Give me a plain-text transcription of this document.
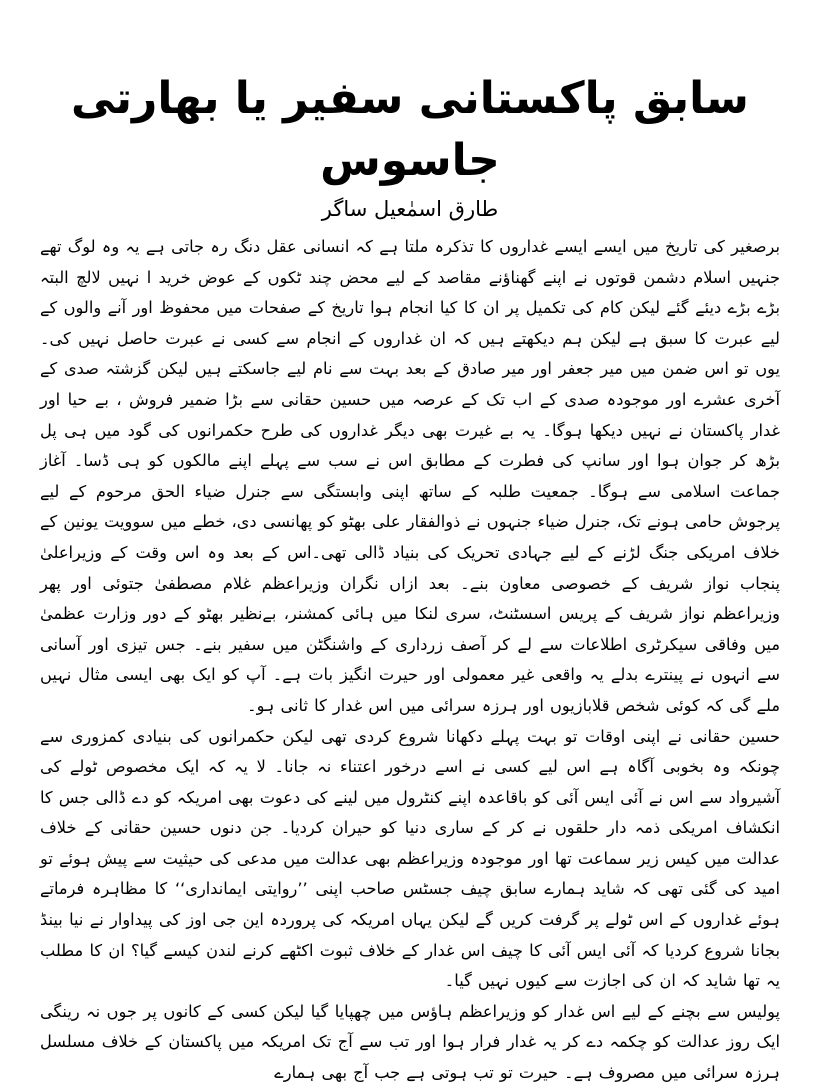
سابق پاکستانی سفیر یا بھارتی جاسوس

طارق اسمٰعیل ساگر

برصغیر کی تاریخ میں ایسے ایسے غداروں کا تذکرہ ملتا ہے کہ انسانی عقل دنگ رہ جاتی ہے یہ وہ لوگ تھے جنہیں اسلام دشمن قوتوں نے اپنے گھناؤنے مقاصد کے لیے محض چند ٹکوں کے عوض خرید ا نہیں لالچ البتہ بڑے بڑے دیئے گئے لیکن کام کی تکمیل پر ان کا کیا انجام ہوا تاریخ کے صفحات میں محفوظ اور آنے والوں کے لیے عبرت کا سبق ہے لیکن ہم دیکھتے ہیں کہ ان غداروں کے انجام سے کسی نے عبرت حاصل نہیں کی۔ یوں تو اس ضمن میں میر جعفر اور میر صادق کے بعد بہت سے نام لیے جاسکتے ہیں لیکن گزشتہ صدی کے آخری عشرے اور موجودہ صدی کے اب تک کے عرصہ میں حسین حقانی سے بڑا ضمیر فروش ، بے حیا اور غدار پاکستان نے نہیں دیکھا ہوگا۔ یہ بے غیرت بھی دیگر غداروں کی طرح حکمرانوں کی گود میں ہی پل بڑھ کر جوان ہوا اور سانپ کی فطرت کے مطابق اس نے سب سے پہلے اپنے مالکوں کو ہی ڈسا۔ آغاز جماعت اسلامی سے ہوگا۔ جمعیت طلبہ کے ساتھ اپنی وابستگی سے جنرل ضیاء الحق مرحوم کے لیے پرجوش حامی ہونے تک، جنرل ضیاء جنہوں نے ذوالفقار علی بھٹو کو پھانسی دی، خطے میں سوویت یونین کے خلاف امریکی جنگ لڑنے کے لیے جہادی تحریک کی بنیاد ڈالی تھی۔اس کے بعد وہ اس وقت کے وزیراعلیٰ پنجاب نواز شریف کے خصوصی معاون بنے۔ بعد ازاں نگران وزیراعظم غلام مصطفیٰ جتوئی اور پھر وزیراعظم نواز شریف کے پریس اسسٹنٹ، سری لنکا میں ہائی کمشنر، بےنظیر بھٹو کے دور وزارت عظمیٰ میں وفاقی سیکرٹری اطلاعات سے لے کر آصف زرداری کے واشنگٹن میں سفیر بنے۔ جس تیزی اور آسانی سے انہوں نے پینترے بدلے یہ واقعی غیر معمولی اور حیرت انگیز بات ہے۔ آپ کو ایک بھی ایسی مثال نہیں ملے گی کہ کوئی شخص قلابازیوں اور ہرزہ سرائی میں اس غدار کا ثانی ہو۔

حسین حقانی نے اپنی اوقات تو بہت پہلے دکھانا شروع کردی تھی لیکن حکمرانوں کی بنیادی کمزوری سے چونکہ وہ بخوبی آگاہ ہے اس لیے کسی نے اسے درخور اعتناء نہ جانا۔ لا یہ کہ ایک مخصوص ٹولے کی آشیرواد سے اس نے آئی ایس آئی کو باقاعدہ اپنے کنٹرول میں لینے کی دعوت بھی امریکہ کو دے ڈالی جس کا انکشاف امریکی ذمہ دار حلقوں نے کر کے ساری دنیا کو حیران کردیا۔ جن دنوں حسین حقانی کے خلاف عدالت میں کیس زیر سماعت تھا اور موجودہ وزیراعظم بھی عدالت میں مدعی کی حیثیت سے پیش ہوئے تو امید کی گئی تھی کہ شاید ہمارے سابق چیف جسٹس صاحب اپنی ’’روایتی ایمانداری‘‘ کا مظاہرہ فرماتے ہوئے غداروں کے اس ٹولے پر گرفت کریں گے لیکن یہاں امریکہ کی پروردہ این جی اوز کی پیداوار نے نیا بینڈ بجانا شروع کردیا کہ آئی ایس آئی کا چیف اس غدار کے خلاف ثبوت اکٹھے کرنے لندن کیسے گیا؟ ان کا مطلب یہ تھا شاید کہ ان کی اجازت سے کیوں نہیں گیا۔

پولیس سے بچنے کے لیے اس غدار کو وزیراعظم ہاؤس میں چھپایا گیا لیکن کسی کے کانوں پر جوں نہ رینگی ایک روز عدالت کو چکمہ دے کر یہ غدار فرار ہوا اور تب سے آج تک امریکہ میں پاکستان کے خلاف مسلسل ہرزہ سرائی میں مصروف ہے۔ حیرت تو تب ہوتی ہے جب آج بھی ہمارے
